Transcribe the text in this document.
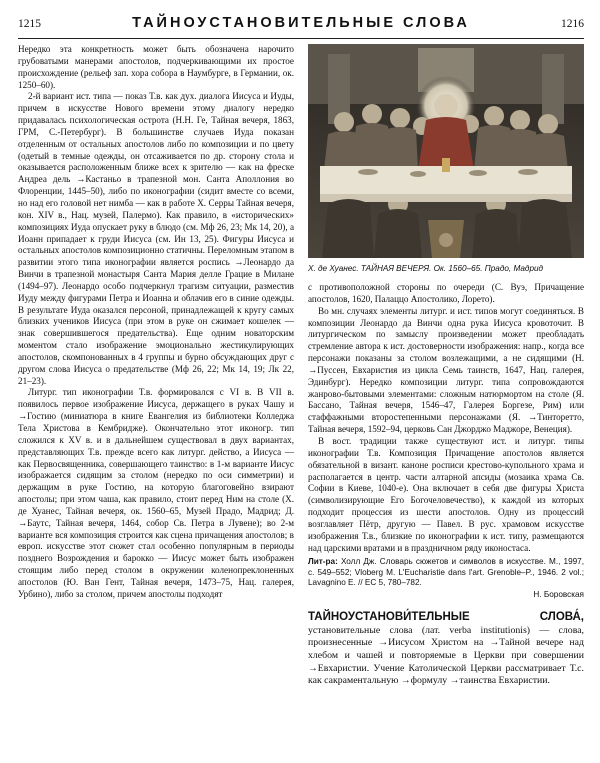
1215	ТАЙНОУСТАНОВИТЕЛЬНЫЕ СЛОВА	1216

Нередко эта конкретность может быть обозначена нарочито грубоватыми манерами апостолов, подчеркивающими их простое происхождение (рельеф зап. хора собора в Наумбурге, в Германии, ок. 1250–60).

2-й вариант ист. типа — показ Т.в. как дух. диалога Иисуса и Иуды, причем в искусстве Нового времени этому диалогу нередко придавалась психологическая острота (Н.Н. Ге, Тайная вечеря, 1863, ГРМ, С.-Петербург). В большинстве случаев Иуда показан отделенным от остальных апостолов либо по композиции и по цвету (одетый в темные одежды, он отсаживается по др. сторону стола и оказывается расположенным ближе всех к зрителю — как на фреске Андреа дель →Кастаньо в трапезной мон. Санта Аполлония во Флоренции, 1445–50), либо по иконографии (сидит вместе со всеми, но над его головой нет нимба — как в работе Х. Серры Тайная вечеря, кон. XIV в., Нац. музей, Палермо). Как правило, в «исторических» композициях Иуда опускает руку в блюдо (см. Мф 26, 23; Мк 14, 20), а Иоанн припадает к груди Иисуса (см. Ин 13, 25). Фигуры Иисуса и остальных апостолов композиционно статичны. Переломным этапом в развитии этого типа иконографии является роспись →Леонардо да Винчи в трапезной монастыря Санта Мария делле Грацие в Милане (1494–97). Леонардо особо подчеркнул трагизм ситуации, разместив Иуду между фигурами Петра и Иоанна и облачив его в синие одежды. В результате Иуда оказался персоной, принадлежащей к кругу самых близких учеников Иисуса (при этом в руке он сжимает кошелек — знак совершившегося предательства). Еще одним новаторским моментом стало изображение эмоционально жестикулирующих апостолов, скомпонованных в 4 группы и бурно обсуждающих друг с другом слова Иисуса о предательстве (Мф 26, 22; Мк 14, 19; Лк 22, 21–23).

Литург. тип иконографии Т.в. формировался с VI в. В VII в. появилось первое изображение Иисуса, держащего в руках Чашу и →Гостию (миниатюра в книге Евангелия из библиотеки Колледжа Тела Христова в Кембридже). Окончательно этот иконогр. тип сложился к XV в. и в дальнейшем существовал в двух вариантах, представляющих Т.в. прежде всего как литург. действо, а Иисуса — как Первосвященника, совершающего таинство: в 1-м варианте Иисус изображается сидящим за столом (нередко по оси симметрии) и держащим в руке Гостию, на которую благоговейно взирают апостолы; при этом чаша, как правило, стоит перед Ним на столе (Х. де Хуанес, Тайная вечеря, ок. 1560–65, Музей Прадо, Мадрид; Д. →Баутс, Тайная вечеря, 1464, собор Св. Петра в Лувене); во 2-м варианте вся композиция строится как сцена причащения апостолов; в европ. искусстве этот сюжет стал особенно популярным в периоды позднего Возрождения и барокко — Иисус может быть изображен стоящим либо перед столом в окружении коленопреклоненных апостолов (Ю. Ван Гент, Тайная вечеря, 1473–75, Нац. галерея, Урбино), либо за столом, причем апостолы подходят

Х. де Хуанес. ТАЙНАЯ ВЕЧЕРЯ. Ок. 1560–65. Прадо, Мадрид

с противоположной стороны по очереди (С. Вуэ, Причащение апостолов, 1620, Палаццо Апостолико, Лорето).

Во мн. случаях элементы литург. и ист. типов могут соединяться. В композиции Леонардо да Винчи одна рука Иисуса кровоточит. В литургическом по замыслу произведении может преобладать стремление автора к ист. достоверности изображения: напр., когда все персонажи показаны за столом возлежащими, а не сидящими (Н. →Пуссен, Евхаристия из цикла Семь таинств, 1647, Нац. галерея, Эдинбург). Нередко композиции литург. типа сопровождаются жанрово-бытовыми элементами: сложным натюрмортом на столе (Я. Бассано, Тайная вечеря, 1546–47, Галерея Боргезе, Рим) или стаффажными второстепенными персонажами (Я. →Тинторетто, Тайная вечеря, 1592–94, церковь Сан Джорджо Маджоре, Венеция).

В вост. традиции также существуют ист. и литург. типы иконографии Т.в. Композиция Причащение апостолов является обязательной в визант. каноне росписи крестово-купольного храма и располагается в центр. части алтарной апсиды (мозаика храма Св. Софии в Киеве, 1040-е). Она включает в себя две фигуры Христа (символизирующие Его Богочеловечество), к каждой из которых подходит процессия из шести апостолов. Одну из процессий возглавляет Пётр, другую — Павел. В рус. храмовом искусстве изображения Т.в., близкие по иконографии к ист. типу, размещаются над царскими вратами и в праздничном ряду иконостаса.

Лит-ра: Холл Дж. Словарь сюжетов и символов в искусстве. М., 1997, с. 549–552; Vloberg M. L'Eucharistie dans l'art. Grenoble–P., 1946. 2 vol.; Lavagnino E. // EC 5, 780–782.

Н. Боровская

ТАЙНОУСТАНОВИ́ТЕЛЬНЫЕ СЛОВА́, установительные слова (лат. verba institutionis) — слова, произнесенные →Иисусом Христом на →Тайной вечере над хлебом и чашей и повторяемые в Церкви при совершении →Евхаристии. Учение Католической Церкви рассматривает Т.с. как сакраментальную →формулу →таинства Евхаристии.
